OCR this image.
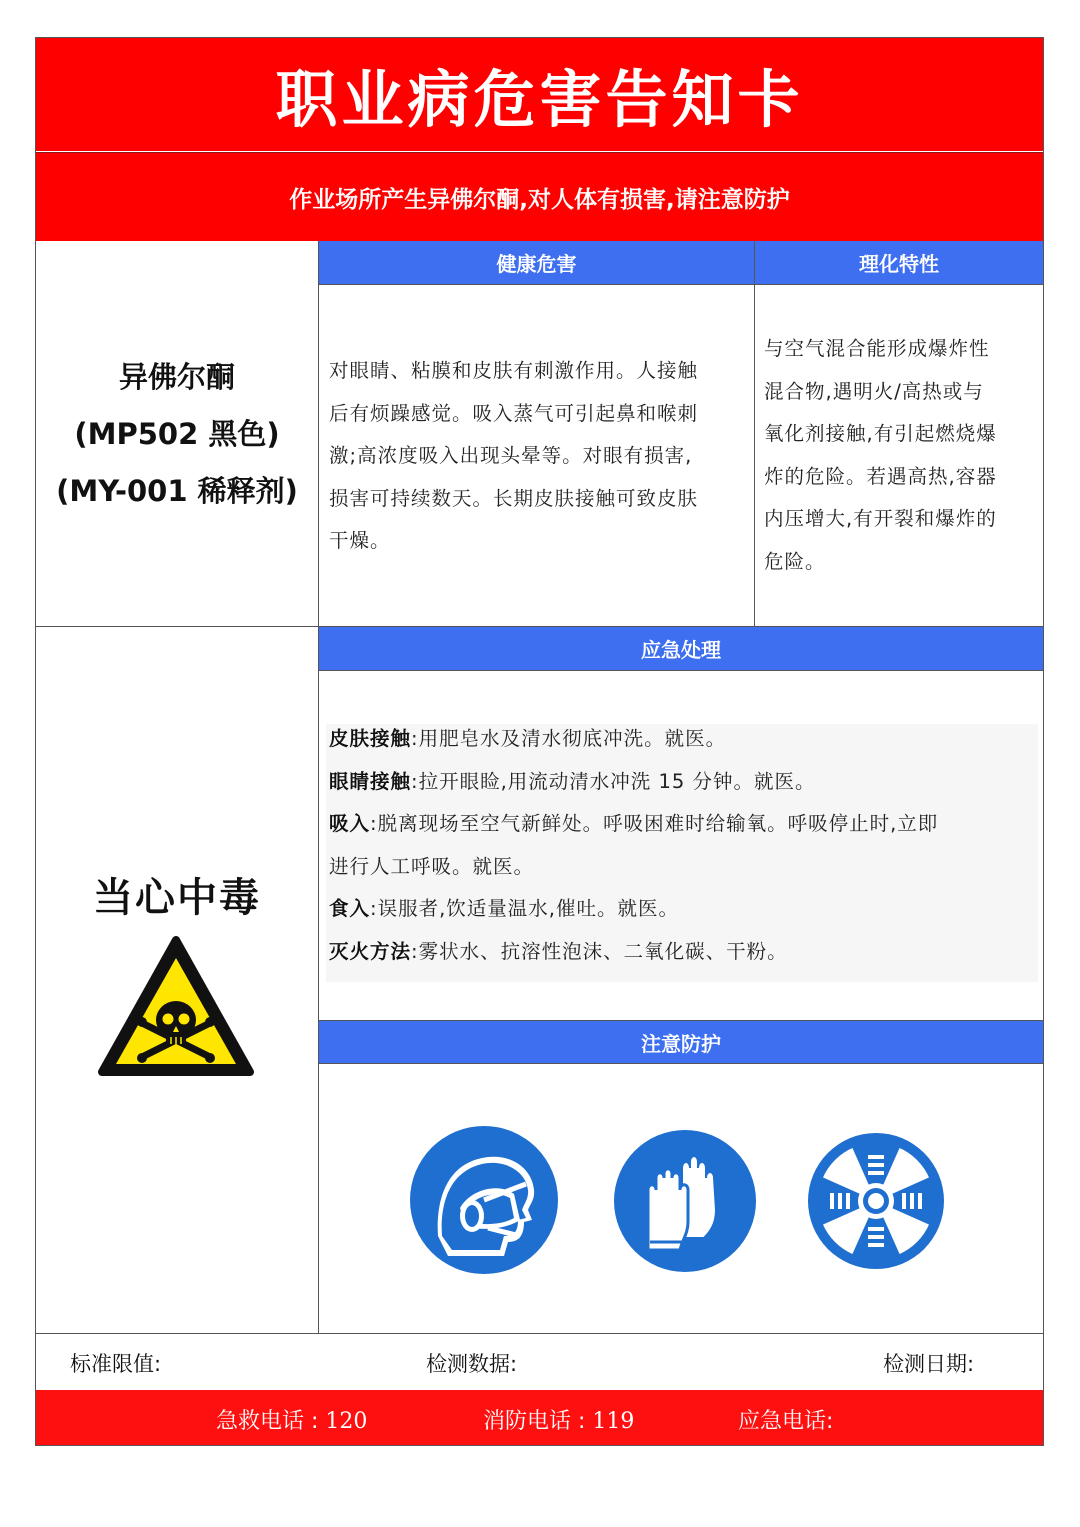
职业病危害告知卡
作业场所产生异佛尔酮,对人体有损害,请注意防护
异佛尔酮
(MP502 黑色)
(MY-001 稀释剂)
健康危害
对眼睛、粘膜和皮肤有刺激作用。人接触
后有烦躁感觉。吸入蒸气可引起鼻和喉刺
激;高浓度吸入出现头晕等。对眼有损害,
损害可持续数天。长期皮肤接触可致皮肤
干燥。
理化特性
与空气混合能形成爆炸性
混合物,遇明火/高热或与
氧化剂接触,有引起燃烧爆
炸的危险。若遇高热,容器
内压增大,有开裂和爆炸的
危险。
当心中毒
应急处理
皮肤接触:用肥皂水及清水彻底冲洗。就医。
眼睛接触:拉开眼睑,用流动清水冲洗 15 分钟。就医。
吸入:脱离现场至空气新鲜处。呼吸困难时给输氧。呼吸停止时,立即
进行人工呼吸。就医。
食入:误服者,饮适量温水,催吐。就医。
灭火方法:雾状水、抗溶性泡沫、二氧化碳、干粉。
注意防护
标准限值:	检测数据:	检测日期:
急救电话 : 120	消防电话 : 119	应急电话:
